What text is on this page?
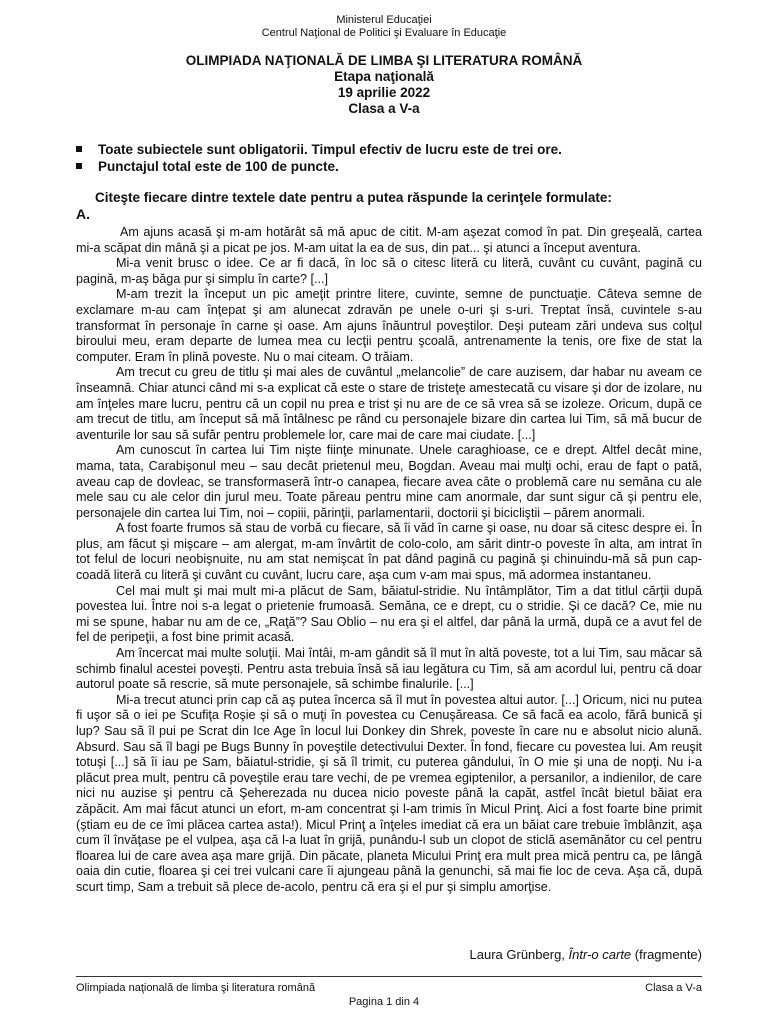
Ministerul Educaţiei
Centrul Naţional de Politici şi Evaluare în Educaţie
OLIMPIADA NAŢIONALĂ DE LIMBA ŞI LITERATURA ROMÂNĂ
Etapa naţională
19 aprilie 2022
Clasa a V-a
Toate subiectele sunt obligatorii. Timpul efectiv de lucru este de trei ore.
Punctajul total este de 100 de puncte.
Citeşte fiecare dintre textele date pentru a putea răspunde la cerinţele formulate:
A.

Am ajuns acasă şi m-am hotărât să mă apuc de citit. M-am aşezat comod în pat. Din greşeală, cartea mi-a scăpat din mână şi a picat pe jos. M-am uitat la ea de sus, din pat... şi atunci a început aventura.

Mi-a venit brusc o idee. Ce ar fi dacă, în loc să o citesc literă cu literă, cuvânt cu cuvânt, pagină cu pagină, m-aş băga pur şi simplu în carte? [...]

M-am trezit la început un pic ameţit printre litere, cuvinte, semne de punctuaţie. Câteva semne de exclamare m-au cam înţepat şi am alunecat zdravăn pe unele o-uri şi s-uri. Treptat însă, cuvintele s-au transformat în personaje în carne şi oase. Am ajuns înăuntrul poveştilor. Deşi puteam zări undeva sus colţul biroului meu, eram departe de lumea mea cu lecţii pentru şcoală, antrenamente la tenis, ore fixe de stat la computer. Eram în plină poveste. Nu o mai citeam. O trăiam.

Am trecut cu greu de titlu şi mai ales de cuvântul „melancolie” de care auzisem, dar habar nu aveam ce înseamnă. Chiar atunci când mi s-a explicat că este o stare de tristeţe amestecată cu visare şi dor de izolare, nu am înţeles mare lucru, pentru că un copil nu prea e trist şi nu are de ce să vrea să se izoleze. Oricum, după ce am trecut de titlu, am început să mă întâlnesc pe rând cu personajele bizare din cartea lui Tim, să mă bucur de aventurile lor sau să sufăr pentru problemele lor, care mai de care mai ciudate. [...]

Am cunoscut în cartea lui Tim nişte fiinţe minunate. Unele caraghioase, ce e drept. Altfel decât mine, mama, tata, Carabişonul meu – sau decât prietenul meu, Bogdan. Aveau mai mulţi ochi, erau de fapt o pată, aveau cap de dovleac, se transformaseră într-o canapea, fiecare avea câte o problemă care nu semăna cu ale mele sau cu ale celor din jurul meu. Toate păreau pentru mine cam anormale, dar sunt sigur că şi pentru ele, personajele din cartea lui Tim, noi – copiii, părinţii, parlamentarii, doctorii şi bicicliştii – părem anormali.

A fost foarte frumos să stau de vorbă cu fiecare, să îi văd în carne şi oase, nu doar să citesc despre ei. În plus, am făcut şi mişcare – am alergat, m-am învârtit de colo-colo, am sărit dintr-o poveste în alta, am intrat în tot felul de locuri neobişnuite, nu am stat nemişcat în pat dând pagină cu pagină şi chinuindu-mă să pun cap-coadă literă cu literă şi cuvânt cu cuvânt, lucru care, aşa cum v-am mai spus, mă adormea instantaneu.

Cel mai mult şi mai mult mi-a plăcut de Sam, băiatul-stridie. Nu întâmplător, Tim a dat titlul cărţii după povestea lui. Între noi s-a legat o prietenie frumoasă. Semăna, ce e drept, cu o stridie. Şi ce dacă? Ce, mie nu mi se spune, habar nu am de ce, „Raţă”? Sau Oblio – nu era şi el altfel, dar până la urmă, după ce a avut fel de fel de peripeţii, a fost bine primit acasă.

Am încercat mai multe soluţii. Mai întâi, m-am gândit să îl mut în altă poveste, tot a lui Tim, sau măcar să schimb finalul acestei poveşti. Pentru asta trebuia însă să iau legătura cu Tim, să am acordul lui, pentru că doar autorul poate să rescrie, să mute personajele, să schimbe finalurile. [...]

Mi-a trecut atunci prin cap că aş putea încerca să îl mut în povestea altui autor. [...] Oricum, nici nu putea fi uşor să o iei pe Scufiţa Roşie şi să o muţi în povestea cu Cenuşăreasa. Ce să facă ea acolo, fără bunică şi lup? Sau să îl pui pe Scrat din Ice Age în locul lui Donkey din Shrek, poveste în care nu e absolut nicio alună. Absurd. Sau să îl bagi pe Bugs Bunny în poveştile detectivului Dexter. În fond, fiecare cu povestea lui. Am reuşit totuşi [...] să îi iau pe Sam, băiatul-stridie, şi să îl trimit, cu puterea gândului, în O mie şi una de nopţi. Nu i-a plăcut prea mult, pentru că poveştile erau tare vechi, de pe vremea egiptenilor, a persanilor, a indienilor, de care nici nu auzise şi pentru că Şeherezada nu ducea nicio poveste până la capăt, astfel încât bietul băiat era zăpăcit. Am mai făcut atunci un efort, m-am concentrat şi l-am trimis în Micul Prinţ. Aici a fost foarte bine primit (ştiam eu de ce îmi plăcea cartea asta!). Micul Prinţ a înţeles imediat că era un băiat care trebuie îmblânzit, aşa cum îl învăţase pe el vulpea, aşa că l-a luat în grijă, punându-l sub un clopot de sticlă asemănător cu cel pentru floarea lui de care avea aşa mare grijă. Din păcate, planeta Micului Prinţ era mult prea mică pentru ca, pe lângă oaia din cutie, floarea şi cei trei vulcani care îi ajungeau până la genunchi, să mai fie loc de ceva. Aşa că, după scurt timp, Sam a trebuit să plece de-acolo, pentru că era şi el pur şi simplu amorţise.

Laura Grünberg, Într-o carte (fragmente)
Olimpiada naţională de limba şi literatura română	Clasa a V-a
Pagina 1 din 4
